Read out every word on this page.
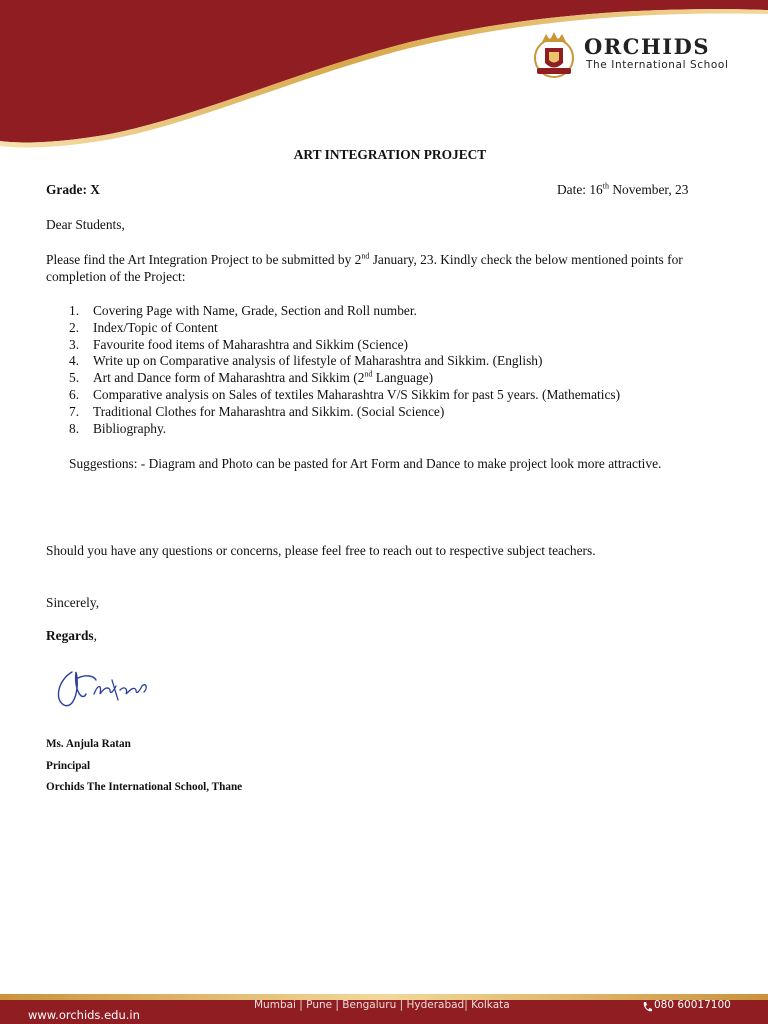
ORCHIDS
The International School
ART INTEGRATION PROJECT
Grade: X	Date: 16th November, 23
Dear Students,
Please find the Art Integration Project to be submitted by 2nd January, 23. Kindly check the below mentioned points for completion of the Project:
1. Covering Page with Name, Grade, Section and Roll number.
2. Index/Topic of Content
3. Favourite food items of Maharashtra and Sikkim (Science)
4. Write up on Comparative analysis of lifestyle of Maharashtra and Sikkim. (English)
5. Art and Dance form of Maharashtra and Sikkim (2nd Language)
6. Comparative analysis on Sales of textiles Maharashtra V/S Sikkim for past 5 years. (Mathematics)
7. Traditional Clothes for Maharashtra and Sikkim. (Social Science)
8. Bibliography.
Suggestions: - Diagram and Photo can be pasted for Art Form and Dance to make project look more attractive.
Should you have any questions or concerns, please feel free to reach out to respective subject teachers.
Sincerely,
Regards,
Ms. Anjula Ratan
Principal
Orchids The International School, Thane
www.orchids.edu.in
Mumbai | Pune | Bengaluru | Hyderabad| Kolkata	080 60017100
